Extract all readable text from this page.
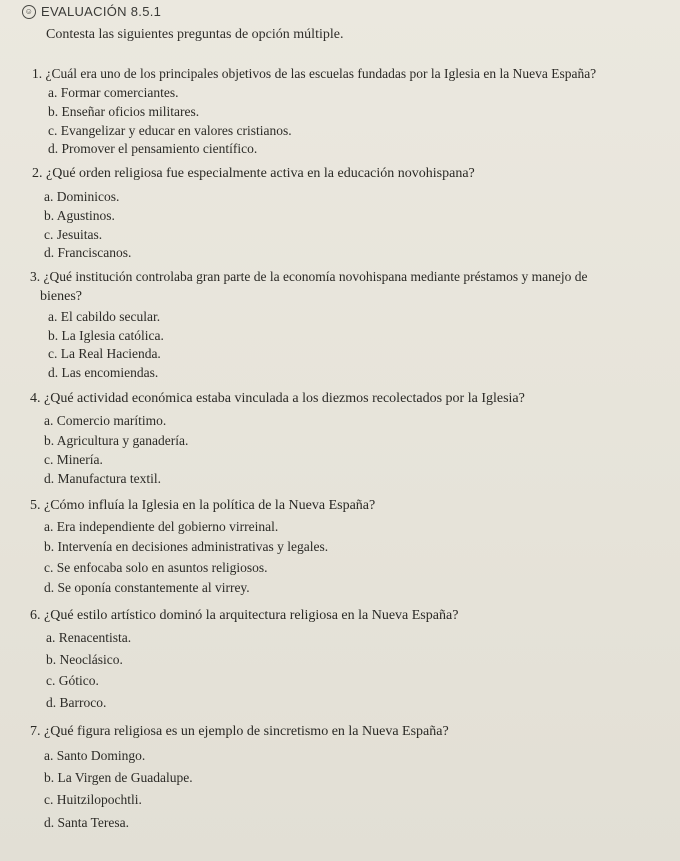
☺ EVALUACIÓN 8.5.1
Contesta las siguientes preguntas de opción múltiple.
1. ¿Cuál era uno de los principales objetivos de las escuelas fundadas por la Iglesia en la Nueva España?
a. Formar comerciantes.
b. Enseñar oficios militares.
c. Evangelizar y educar en valores cristianos.
d. Promover el pensamiento científico.
2. ¿Qué orden religiosa fue especialmente activa en la educación novohispana?
a. Dominicos.
b. Agustinos.
c. Jesuitas.
d. Franciscanos.
3. ¿Qué institución controlaba gran parte de la economía novohispana mediante préstamos y manejo de
bienes?
a. El cabildo secular.
b. La Iglesia católica.
c. La Real Hacienda.
d. Las encomiendas.
4. ¿Qué actividad económica estaba vinculada a los diezmos recolectados por la Iglesia?
a. Comercio marítimo.
b. Agricultura y ganadería.
c. Minería.
d. Manufactura textil.
5. ¿Cómo influía la Iglesia en la política de la Nueva España?
a. Era independiente del gobierno virreinal.
b. Intervenía en decisiones administrativas y legales.
c. Se enfocaba solo en asuntos religiosos.
d. Se oponía constantemente al virrey.
6. ¿Qué estilo artístico dominó la arquitectura religiosa en la Nueva España?
a. Renacentista.
b. Neoclásico.
c. Gótico.
d. Barroco.
7. ¿Qué figura religiosa es un ejemplo de sincretismo en la Nueva España?
a. Santo Domingo.
b. La Virgen de Guadalupe.
c. Huitzilopochtli.
d. Santa Teresa.
